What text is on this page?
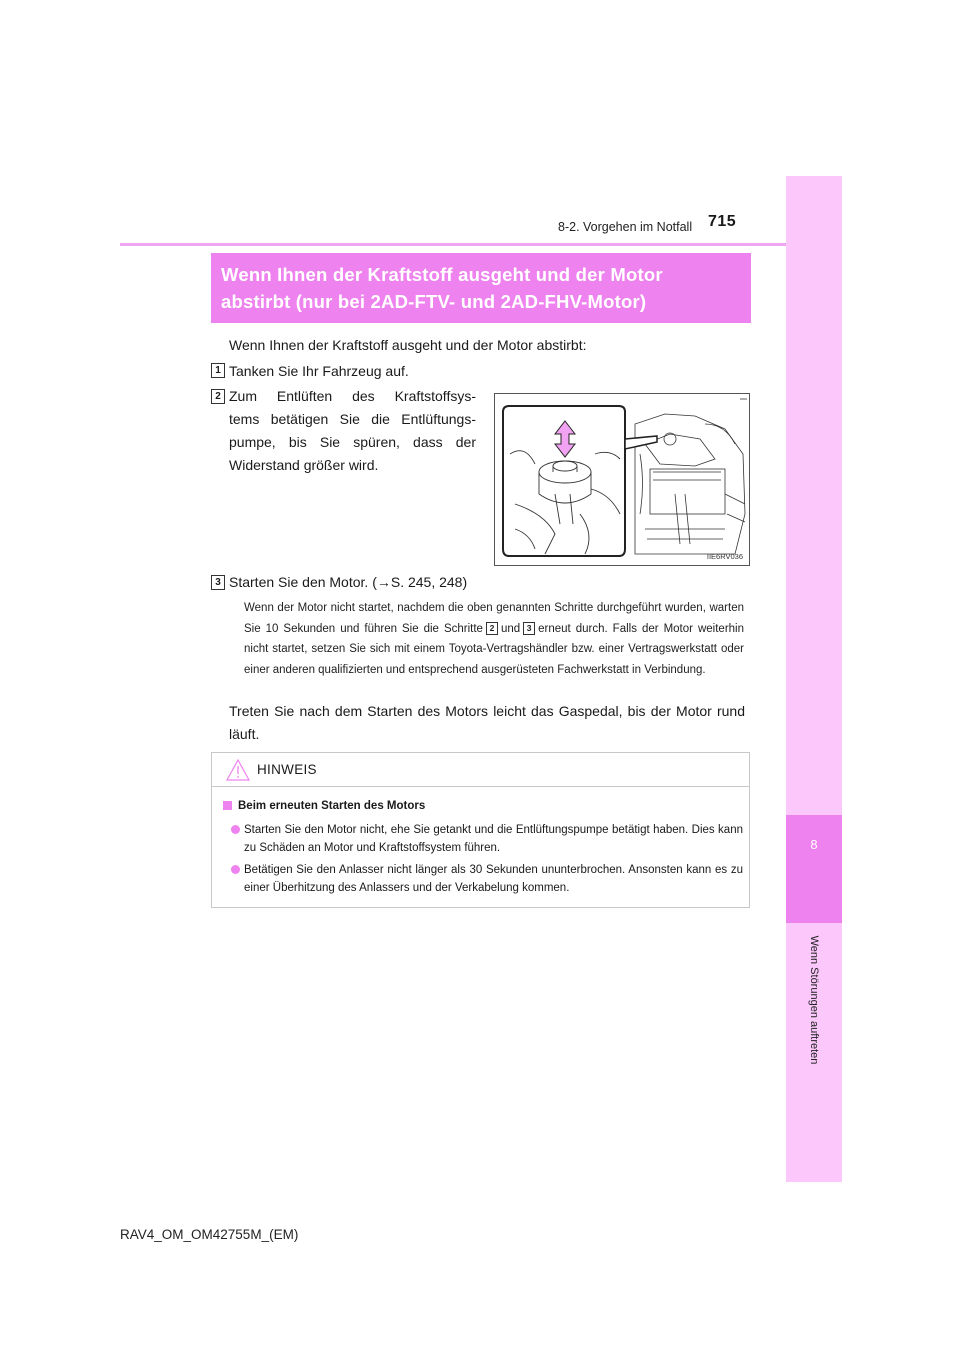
8-2. Vorgehen im Notfall 715
8
Wenn Störungen auftreten
Wenn Ihnen der Kraftstoff ausgeht und der Motor
abstirbt (nur bei 2AD-FTV- und 2AD-FHV-Motor)
Wenn Ihnen der Kraftstoff ausgeht und der Motor abstirbt:
1 Tanken Sie Ihr Fahrzeug auf.
2 Zum Entlüften des Kraftstoffsys-
tems betätigen Sie die Entlüftungs-
pumpe, bis Sie spüren, dass der
Widerstand größer wird.
IIE6RV036
3 Starten Sie den Motor. (→S. 245, 248)
Wenn der Motor nicht startet, nachdem die oben genannten Schritte durchgeführt wurden, warten Sie 10 Sekunden und führen Sie die Schritte 2 und 3 erneut durch. Falls der Motor weiterhin nicht startet, setzen Sie sich mit einem Toyota-Vertragshändler bzw. einer Vertragswerkstatt oder einer anderen qualifizierten und entsprechend ausgerüsteten Fachwerkstatt in Verbindung.
Treten Sie nach dem Starten des Motors leicht das Gaspedal, bis der Motor rund läuft.
HINWEIS
Beim erneuten Starten des Motors
Starten Sie den Motor nicht, ehe Sie getankt und die Entlüftungspumpe betätigt haben. Dies kann zu Schäden an Motor und Kraftstoffsystem führen.
Betätigen Sie den Anlasser nicht länger als 30 Sekunden ununterbrochen. Ansonsten kann es zu einer Überhitzung des Anlassers und der Verkabelung kommen.
RAV4_OM_OM42755M_(EM)
